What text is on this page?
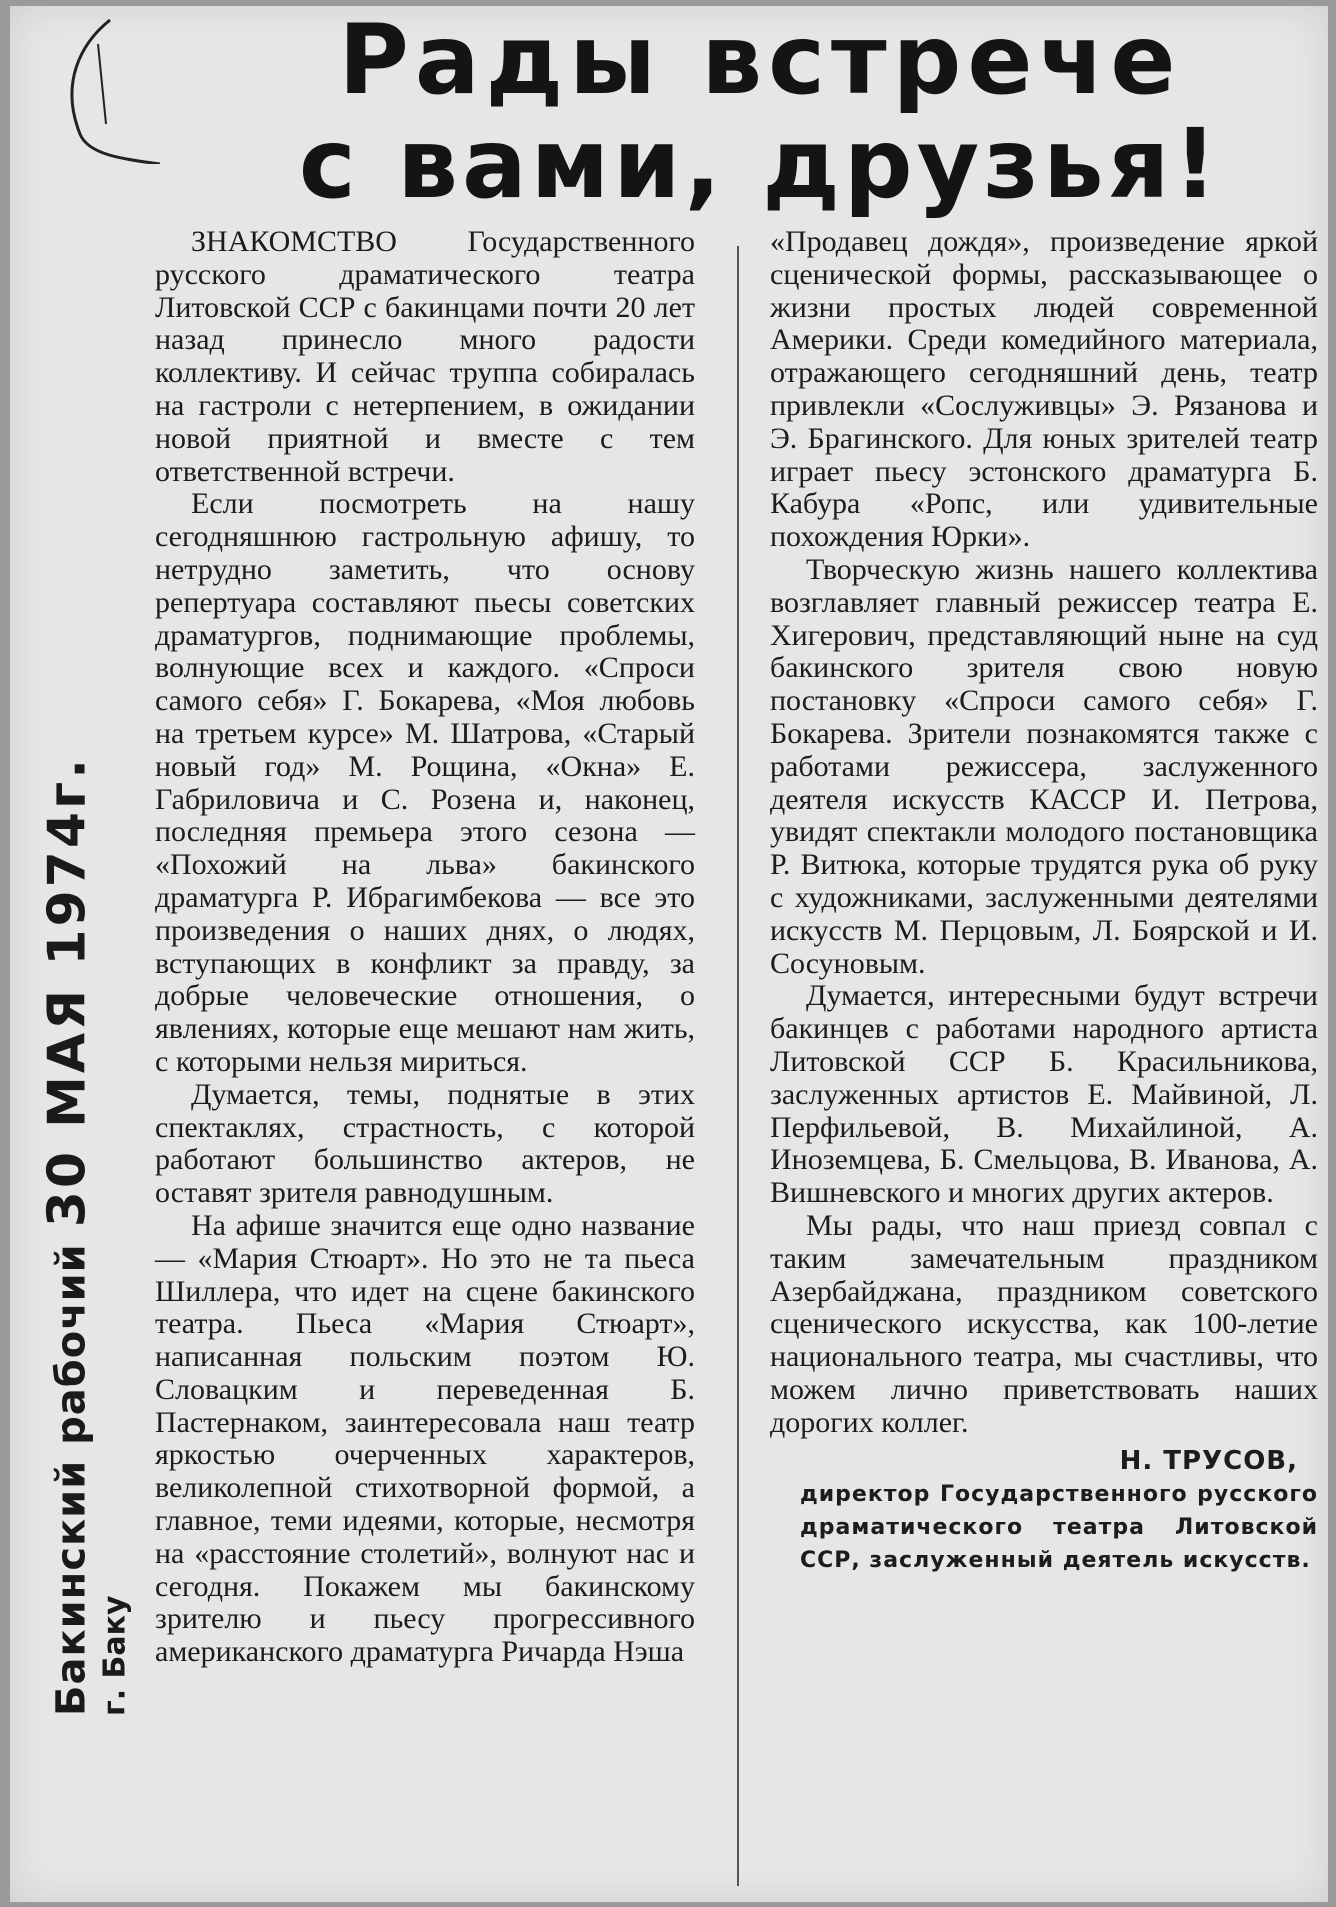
Рады встрече
с вами, друзья!
Бакинский рабочий    30 МАЯ 1974г.
г. Баку

ЗНАКОМСТВО Государственного русского драматического театра Литовской ССР с бакинцами почти 20 лет назад принесло много радости коллективу. И сейчас труппа собиралась на гастроли с нетерпением, в ожидании новой приятной и вместе с тем ответственной встречи.

Если посмотреть на нашу сегодняшнюю гастрольную афишу, то нетрудно заметить, что основу репертуара составляют пьесы советских драматургов, поднимающие проблемы, волнующие всех и каждого. «Спроси самого себя» Г. Бокарева, «Моя любовь на третьем курсе» М. Шатрова, «Старый новый год» М. Рощина, «Окна» Е. Габриловича и С. Розена и, наконец, последняя премьера этого сезона — «Похожий на льва» бакинского драматурга Р. Ибрагимбекова — все это произведения о наших днях, о людях, вступающих в конфликт за правду, за добрые человеческие отношения, о явлениях, которые еще мешают нам жить, с которыми нельзя мириться.

Думается, темы, поднятые в этих спектаклях, страстность, с которой работают большинство актеров, не оставят зрителя равнодушным.

На афише значится еще одно название — «Мария Стюарт». Но это не та пьеса Шиллера, что идет на сцене бакинского театра. Пьеса «Мария Стюарт», написанная польским поэтом Ю. Словацким и переведенная Б. Пастернаком, заинтересовала наш театр яркостью очерченных характеров, великолепной стихотворной формой, а главное, теми идеями, которые, несмотря на «расстояние столетий», волнуют нас и сегодня. Покажем мы бакинскому зрителю и пьесу прогрессивного американского драматурга Ричарда Нэша

«Продавец дождя», произведение яркой сценической формы, рассказывающее о жизни простых людей современной Америки. Среди комедийного материала, отражающего сегодняшний день, театр привлекли «Сослуживцы» Э. Рязанова и Э. Брагинского. Для юных зрителей театр играет пьесу эстонского драматурга Б. Кабура «Ропс, или удивительные похождения Юрки».

Творческую жизнь нашего коллектива возглавляет главный режиссер театра Е. Хигерович, представляющий ныне на суд бакинского зрителя свою новую постановку «Спроси самого себя» Г. Бокарева. Зрители познакомятся также с работами режиссера, заслуженного деятеля искусств КАССР И. Петрова, увидят спектакли молодого постановщика Р. Витюка, которые трудятся рука об руку с художниками, заслуженными деятелями искусств М. Перцовым, Л. Боярской и И. Сосуновым.

Думается, интересными будут встречи бакинцев с работами народного артиста Литовской ССР Б. Красильникова, заслуженных артистов Е. Майвиной, Л. Перфильевой, В. Михайлиной, А. Иноземцева, Б. Смельцова, В. Иванова, А. Вишневского и многих других актеров.

Мы рады, что наш приезд совпал с таким замечательным праздником Азербайджана, праздником советского сценического искусства, как 100-летие национального театра, мы счастливы, что можем лично приветствовать наших дорогих коллег.

Н. ТРУСОВ,
директор Государственного русского драматического театра Литовской ССР, заслуженный деятель искусств.
